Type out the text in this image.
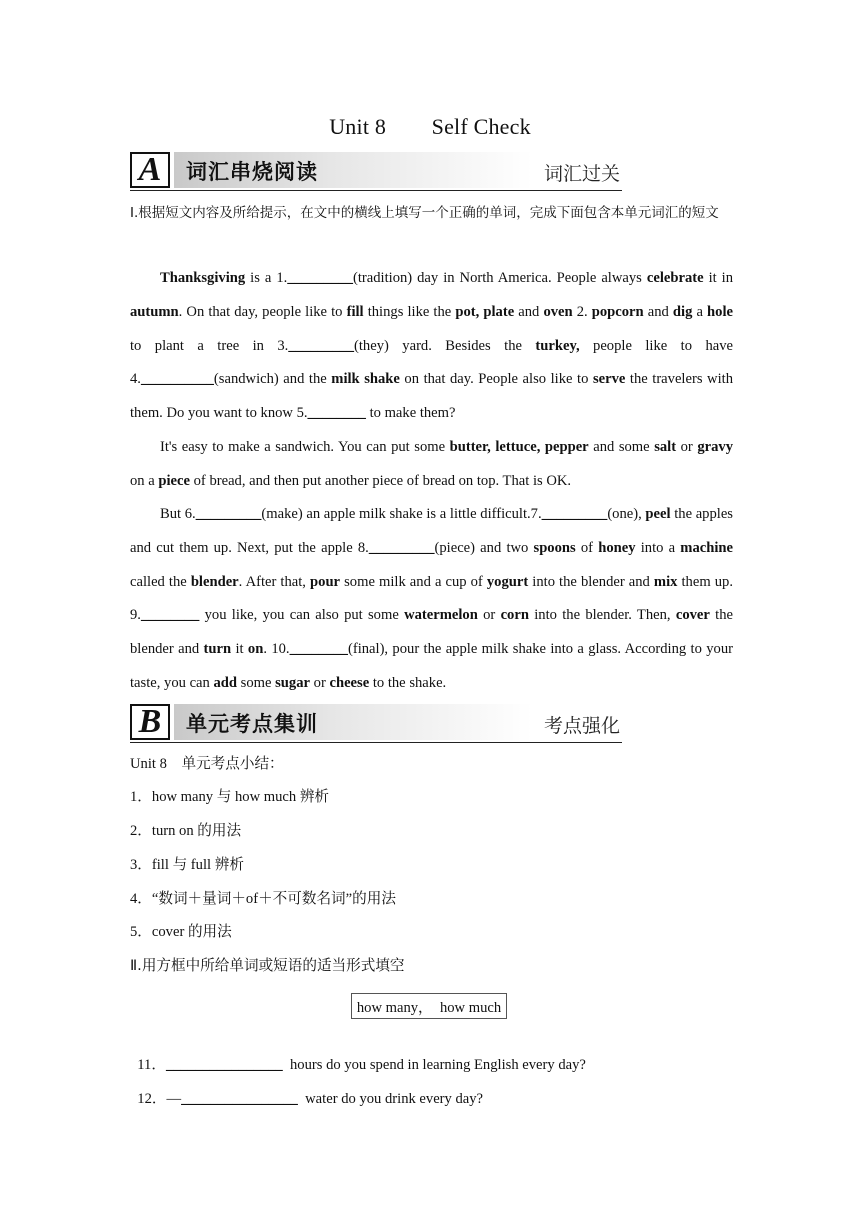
Unit 8        Self Check
A	词汇串烧阅读	词汇过关
Ⅰ.根据短文内容及所给提示，在文中的横线上填写一个正确的单词，完成下面包含本单元词汇的短文
Thanksgiving is a 1._________(tradition) day in North America. People always celebrate it in autumn. On that day, people like to fill things like the pot, plate and oven 2. popcorn and dig a hole to plant a tree in 3._________(they) yard. Besides the turkey, people like to have 4.__________(sandwich) and the milk shake on that day. People also like to serve the travelers with them. Do you want to know 5.________ to make them?
It's easy to make a sandwich. You can put some butter, lettuce, pepper and some salt or gravy on a piece of bread, and then put another piece of bread on top. That is OK.
But 6._________(make) an apple milk shake is a little difficult.7._________(one), peel the apples and cut them up. Next, put the apple 8._________(piece) and two spoons of honey into a machine called the blender. After that, pour some milk and a cup of yogurt into the blender and mix them up. 9.________ you like, you can also put some watermelon or corn into the blender. Then, cover the blender and turn it on. 10.________(final), pour the apple milk shake into a glass. According to your taste, you can add some sugar or cheese to the shake.
B	单元考点集训	考点强化
Unit 8    单元考点小结：
1．how many 与 how much 辨析
2．turn on 的用法
3．fill 与 full 辨析
4．“数词＋量词＋of＋不可数名词”的用法
5．cover 的用法
Ⅱ.用方框中所给单词或短语的适当形式填空
how many，  how much

11．________________  hours do you spend in learning English every day?

12．—________________  water do you drink every day?
